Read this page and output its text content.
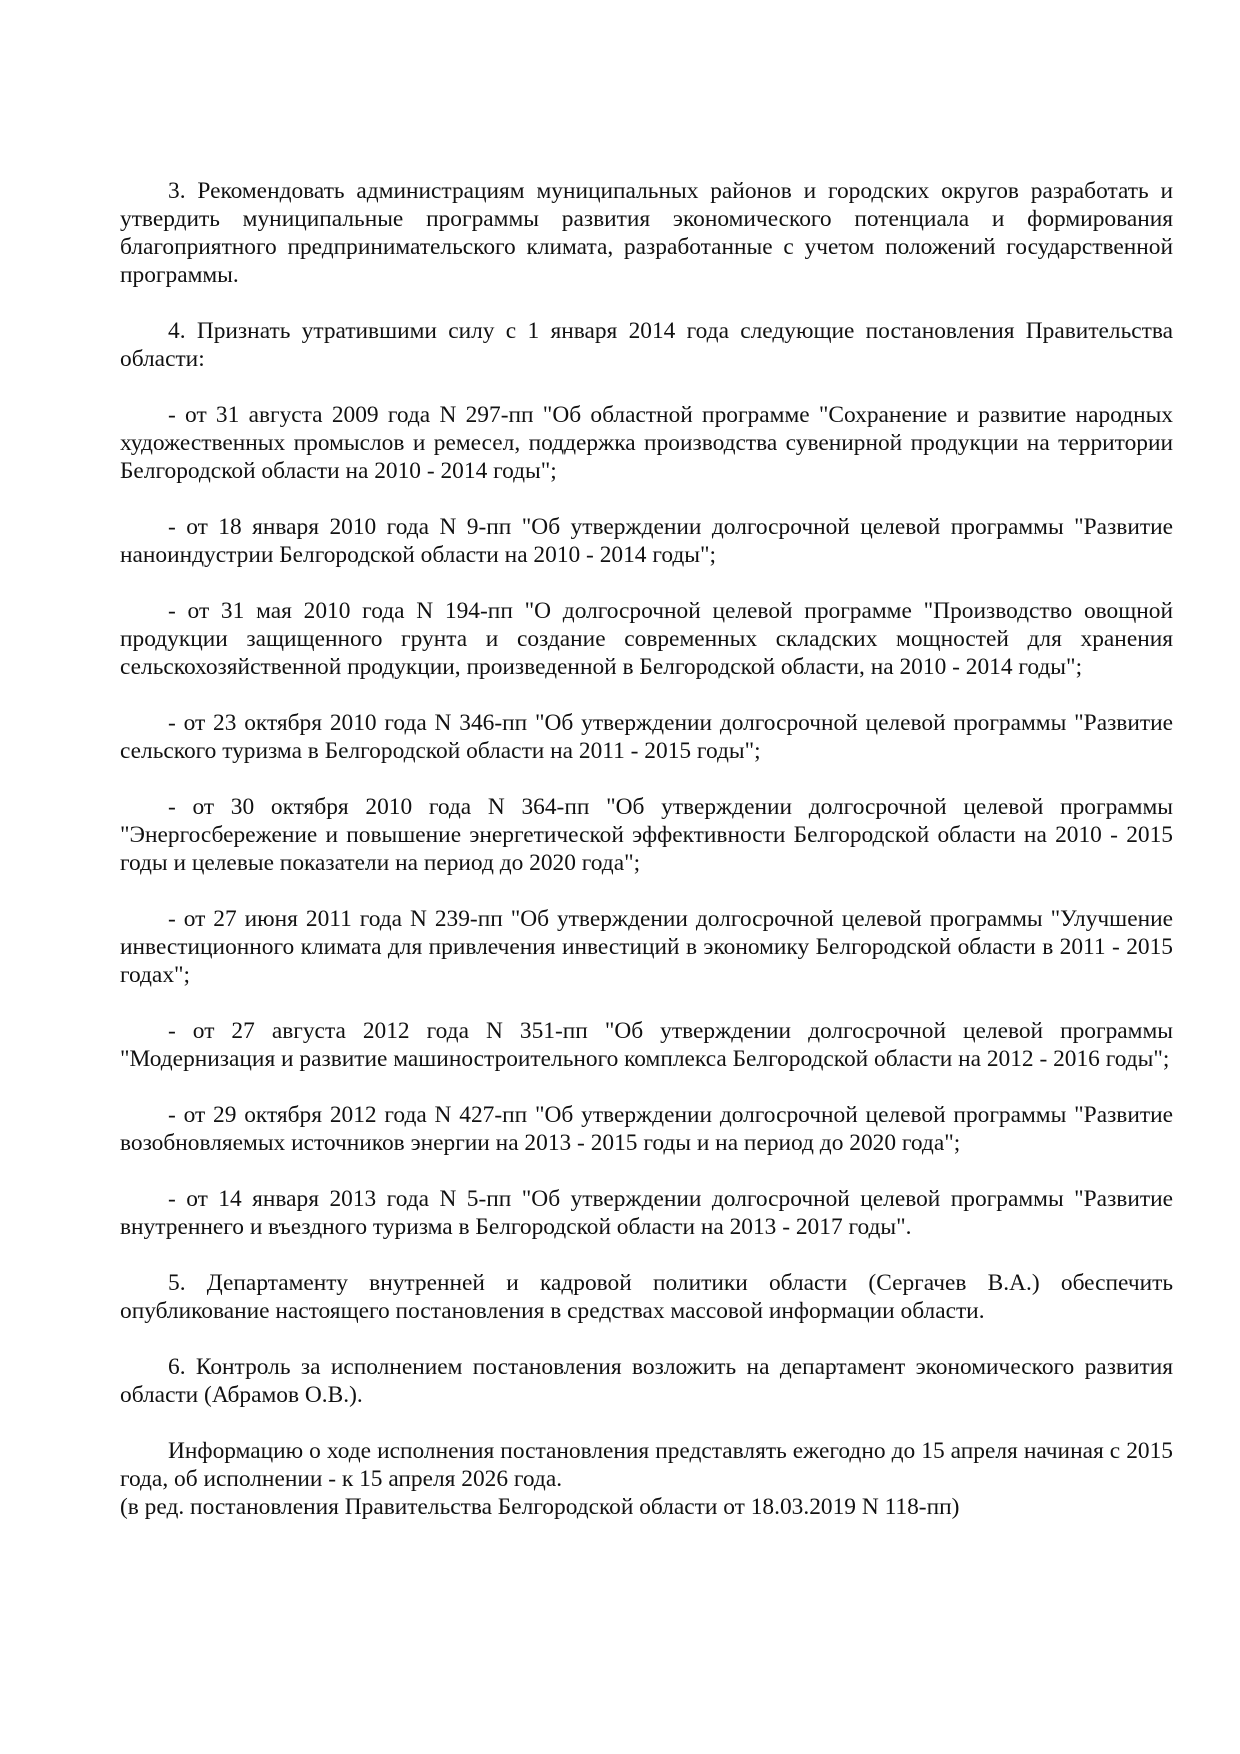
3. Рекомендовать администрациям муниципальных районов и городских округов разработать и утвердить муниципальные программы развития экономического потенциала и формирования благоприятного предпринимательского климата, разработанные с учетом положений государственной программы.

4. Признать утратившими силу с 1 января 2014 года следующие постановления Правительства области:

- от 31 августа 2009 года N 297-пп "Об областной программе "Сохранение и развитие народных художественных промыслов и ремесел, поддержка производства сувенирной продукции на территории Белгородской области на 2010 - 2014 годы";

- от 18 января 2010 года N 9-пп "Об утверждении долгосрочной целевой программы "Развитие наноиндустрии Белгородской области на 2010 - 2014 годы";

- от 31 мая 2010 года N 194-пп "О долгосрочной целевой программе "Производство овощной продукции защищенного грунта и создание современных складских мощностей для хранения сельскохозяйственной продукции, произведенной в Белгородской области, на 2010 - 2014 годы";

- от 23 октября 2010 года N 346-пп "Об утверждении долгосрочной целевой программы "Развитие сельского туризма в Белгородской области на 2011 - 2015 годы";

- от 30 октября 2010 года N 364-пп "Об утверждении долгосрочной целевой программы "Энергосбережение и повышение энергетической эффективности Белгородской области на 2010 - 2015 годы и целевые показатели на период до 2020 года";

- от 27 июня 2011 года N 239-пп "Об утверждении долгосрочной целевой программы "Улучшение инвестиционного климата для привлечения инвестиций в экономику Белгородской области в 2011 - 2015 годах";

- от 27 августа 2012 года N 351-пп "Об утверждении долгосрочной целевой программы "Модернизация и развитие машиностроительного комплекса Белгородской области на 2012 - 2016 годы";

- от 29 октября 2012 года N 427-пп "Об утверждении долгосрочной целевой программы "Развитие возобновляемых источников энергии на 2013 - 2015 годы и на период до 2020 года";

- от 14 января 2013 года N 5-пп "Об утверждении долгосрочной целевой программы "Развитие внутреннего и въездного туризма в Белгородской области на 2013 - 2017 годы".

5. Департаменту внутренней и кадровой политики области (Сергачев В.А.) обеспечить опубликование настоящего постановления в средствах массовой информации области.

6. Контроль за исполнением постановления возложить на департамент экономического развития области (Абрамов О.В.).

Информацию о ходе исполнения постановления представлять ежегодно до 15 апреля начиная с 2015 года, об исполнении - к 15 апреля 2026 года.

(в ред. постановления Правительства Белгородской области от 18.03.2019 N 118-пп)
